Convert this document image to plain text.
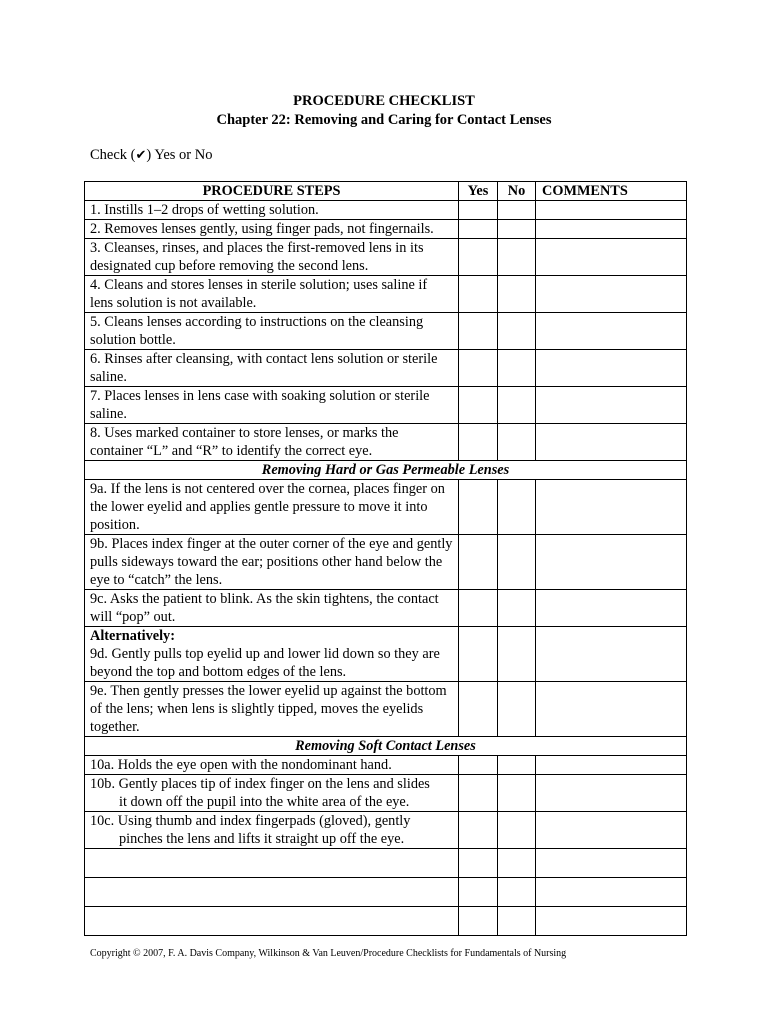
PROCEDURE CHECKLIST
Chapter 22: Removing and Caring for Contact Lenses
Check (✔) Yes or No
PROCEDURE STEPS	Yes	No	COMMENTS
1. Instills 1–2 drops of wetting solution.			
2. Removes lenses gently, using finger pads, not fingernails.			
3. Cleanses, rinses, and places the first-removed lens in its designated cup before removing the second lens.			
4. Cleans and stores lenses in sterile solution; uses saline if lens solution is not available.			
5. Cleans lenses according to instructions on the cleansing solution bottle.			
6. Rinses after cleansing, with contact lens solution or sterile saline.			
7. Places lenses in lens case with soaking solution or sterile saline.			
8. Uses marked container to store lenses, or marks the container “L” and “R” to identify the correct eye.			
Removing Hard or Gas Permeable Lenses			
9a. If the lens is not centered over the cornea, places finger on the lower eyelid and applies gentle pressure to move it into position.			
9b. Places index finger at the outer corner of the eye and gently pulls sideways toward the ear; positions other hand below the eye to “catch” the lens.			
9c. Asks the patient to blink. As the skin tightens, the contact will “pop” out.			

Alternatively:
9d. Gently pulls top eyelid up and lower lid down so they are beyond the top and bottom edges of the lens.			
9e. Then gently presses the lower eyelid up against the bottom of the lens; when lens is slightly tipped, moves the eyelids together.			
Removing Soft Contact Lenses			
10a. Holds the eye open with the nondominant hand.			
10b. Gently places tip of index finger on the lens and slides
it down off the pupil into the white area of the eye.			

10c. Using thumb and index fingerpads (gloved), gently
pinches the lens and lifts it straight up off the eye.			

Copyright © 2007, F. A. Davis Company, Wilkinson & Van Leuven/Procedure Checklists for Fundamentals of Nursing
